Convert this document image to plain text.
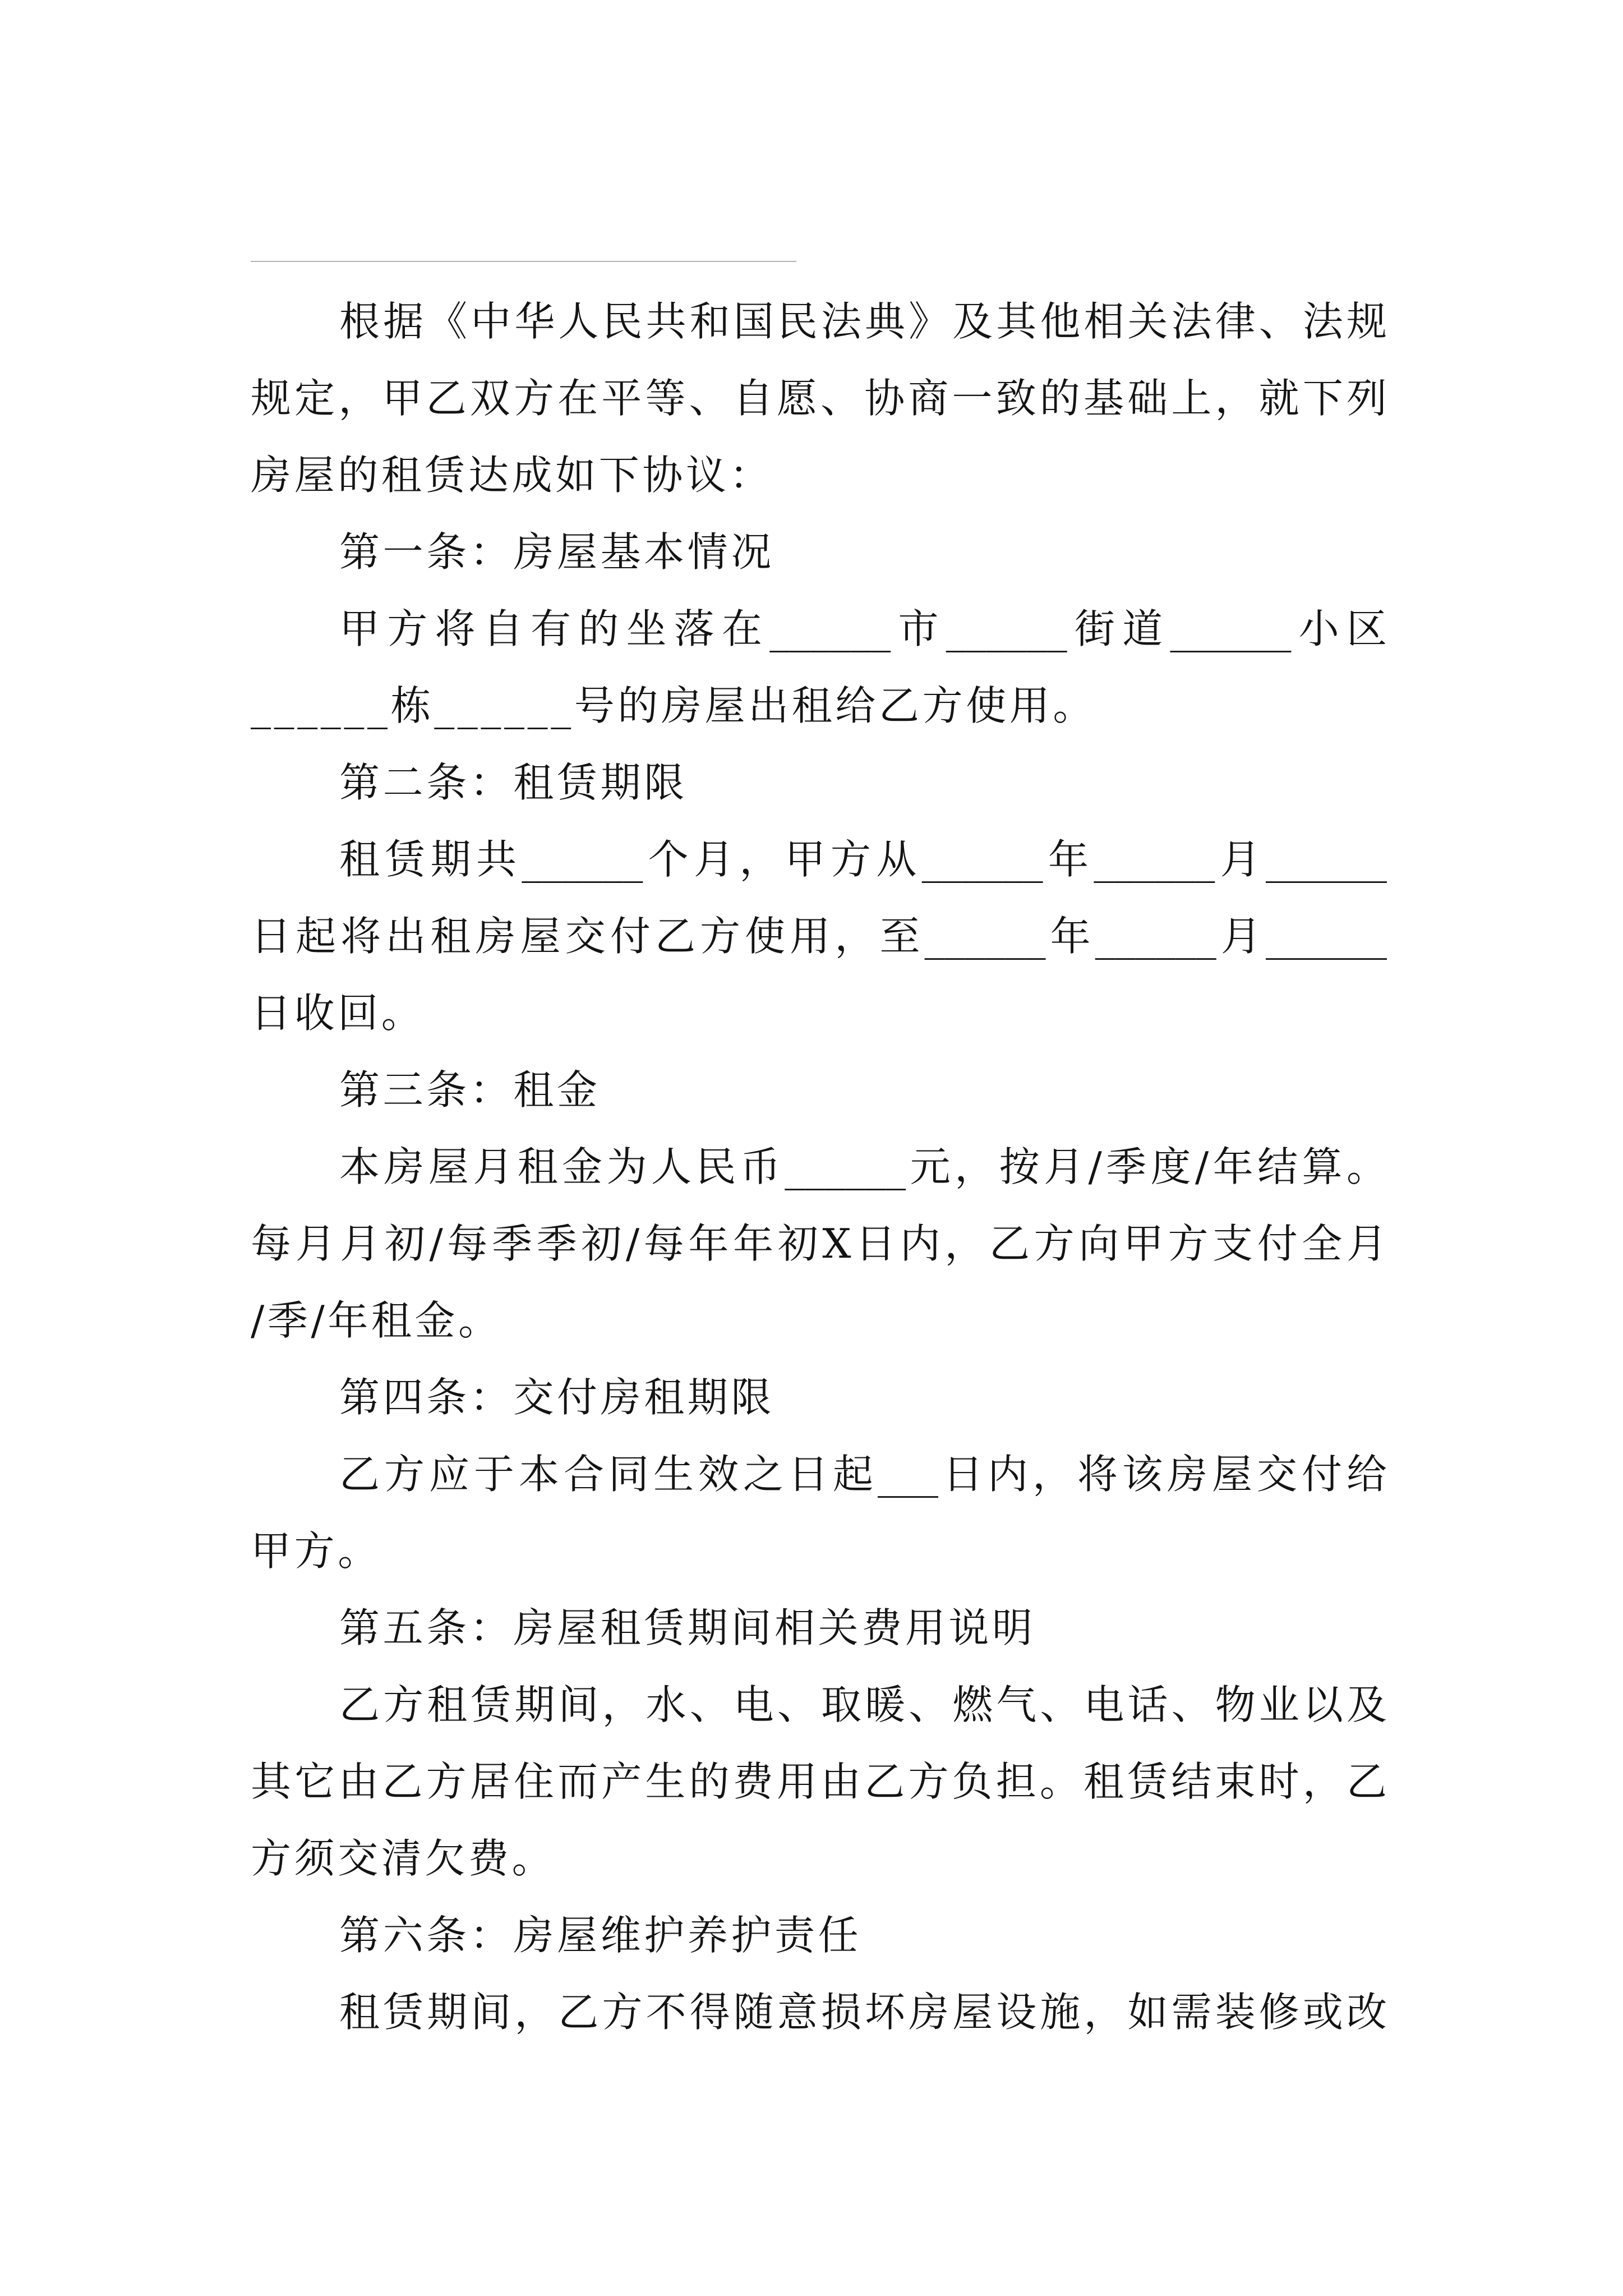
根据《中华人民共和国民法典》及其他相关法律、法规
规定，甲乙双方在平等、自愿、协商一致的基础上，就下列
房屋的租赁达成如下协议：
第一条：房屋基本情况
甲方将自有的坐落在______市______街道______小区
______栋______号的房屋出租给乙方使用。
第二条：租赁期限
租赁期共______个月，甲方从______年______月______
日起将出租房屋交付乙方使用，至______年______月______
日收回。
第三条：租金
本房屋月租金为人民币______元，按月/季度/年结算。
每月月初/每季季初/每年年初X日内，乙方向甲方支付全月
/季/年租金。
第四条：交付房租期限
乙方应于本合同生效之日起___日内，将该房屋交付给
甲方。
第五条：房屋租赁期间相关费用说明
乙方租赁期间，水、电、取暖、燃气、电话、物业以及
其它由乙方居住而产生的费用由乙方负担。租赁结束时，乙
方须交清欠费。
第六条：房屋维护养护责任
租赁期间，乙方不得随意损坏房屋设施，如需装修或改
